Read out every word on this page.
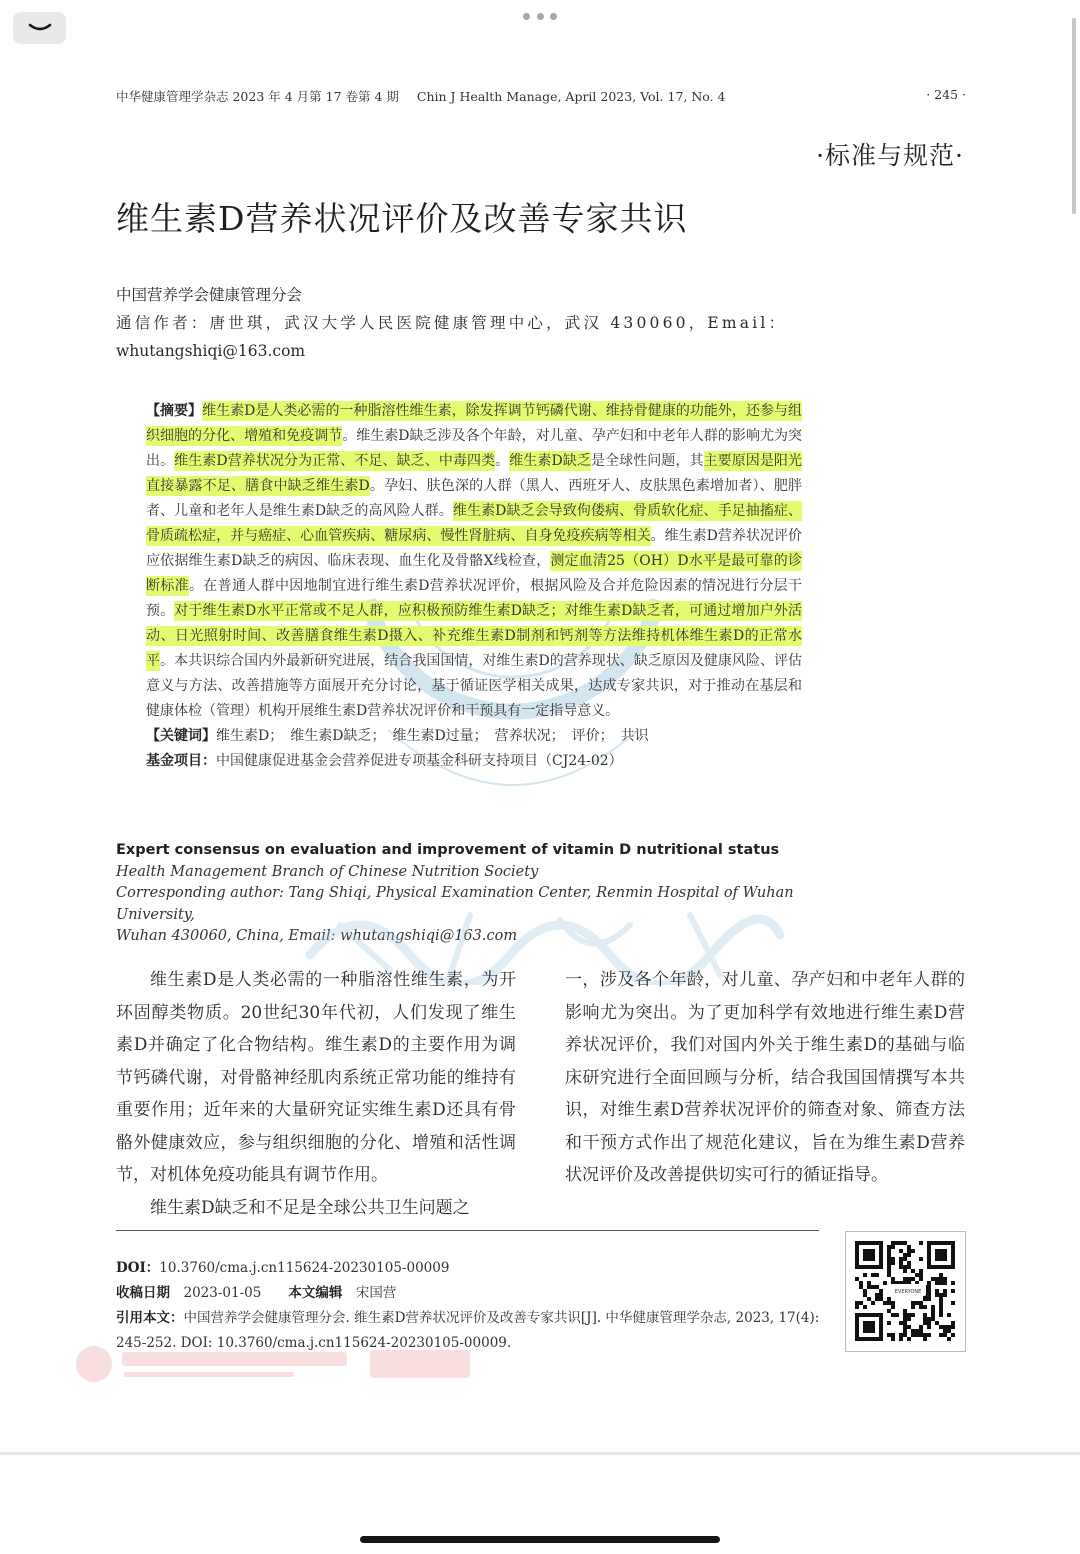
中华健康管理学杂志 2023 年 4 月第 17 卷第 4 期 Chin J Health Manage, April 2023, Vol. 17, No. 4	· 245 ·
·标准与规范·
维生素D营养状况评价及改善专家共识
中国营养学会健康管理分会
通信作者：唐世琪，武汉大学人民医院健康管理中心，武汉 430060，Email：
whutangshiqi@163.com

【摘要】维生素D是人类必需的一种脂溶性维生素，除发挥调节钙磷代谢、维持骨健康的功能外，还参与组织细胞的分化、增殖和免疫调节。维生素D缺乏涉及各个年龄，对儿童、孕产妇和中老年人群的影响尤为突出。维生素D营养状况分为正常、不足、缺乏、中毒四类。维生素D缺乏是全球性问题，其主要原因是阳光直接暴露不足、膳食中缺乏维生素D。孕妇、肤色深的人群（黑人、西班牙人、皮肤黑色素增加者）、肥胖者、儿童和老年人是维生素D缺乏的高风险人群。维生素D缺乏会导致佝偻病、骨质软化症、手足抽搐症、骨质疏松症，并与癌症、心血管疾病、糖尿病、慢性肾脏病、自身免疫疾病等相关。维生素D营养状况评价应依据维生素D缺乏的病因、临床表现、血生化及骨骼X线检查，测定血清25（OH）D水平是最可靠的诊断标准。在普通人群中因地制宜进行维生素D营养状况评价，根据风险及合并危险因素的情况进行分层干预。对于维生素D水平正常或不足人群，应积极预防维生素D缺乏；对维生素D缺乏者，可通过增加户外活动、日光照射时间、改善膳食维生素D摄入、补充维生素D制剂和钙剂等方法维持机体维生素D的正常水平。本共识综合国内外最新研究进展，结合我国国情，对维生素D的营养现状、缺乏原因及健康风险、评估意义与方法、改善措施等方面展开充分讨论，基于循证医学相关成果，达成专家共识，对于推动在基层和健康体检（管理）机构开展维生素D营养状况评价和干预具有一定指导意义。

【关键词】维生素D；　维生素D缺乏；　维生素D过量；　营养状况；　评价；　共识

基金项目：中国健康促进基金会营养促进专项基金科研支持项目（CJ24-02）

Expert consensus on evaluation and improvement of vitamin D nutritional status
Health Management Branch of Chinese Nutrition Society
Corresponding author: Tang Shiqi, Physical Examination Center, Renmin Hospital of Wuhan University,
Wuhan 430060, China, Email: whutangshiqi@163.com

维生素D是人类必需的一种脂溶性维生素，为开环固醇类物质。20世纪30年代初，人们发现了维生素D并确定了化合物结构。维生素D的主要作用为调节钙磷代谢，对骨骼神经肌肉系统正常功能的维持有重要作用；近年来的大量研究证实维生素D还具有骨骼外健康效应，参与组织细胞的分化、增殖和活性调节，对机体免疫功能具有调节作用。

维生素D缺乏和不足是全球公共卫生问题之

一，涉及各个年龄，对儿童、孕产妇和中老年人群的影响尤为突出。为了更加科学有效地进行维生素D营养状况评价，我们对国内外关于维生素D的基础与临床研究进行全面回顾与分析，结合我国国情撰写本共识，对维生素D营养状况评价的筛查对象、筛查方法和干预方式作出了规范化建议，旨在为维生素D营养状况评价及改善提供切实可行的循证指导。

DOI：10.3760/cma.j.cn115624-20230105-00009

收稿日期　 2023-01-05　　 本文编辑　 宋国营

引用本文：中国营养学会健康管理分会. 维生素D营养状况评价及改善专家共识[J]. 中华健康管理学杂志, 2023, 17(4): 245-252. DOI: 10.3760/cma.j.cn115624-20230105-00009.

EVERYONE
